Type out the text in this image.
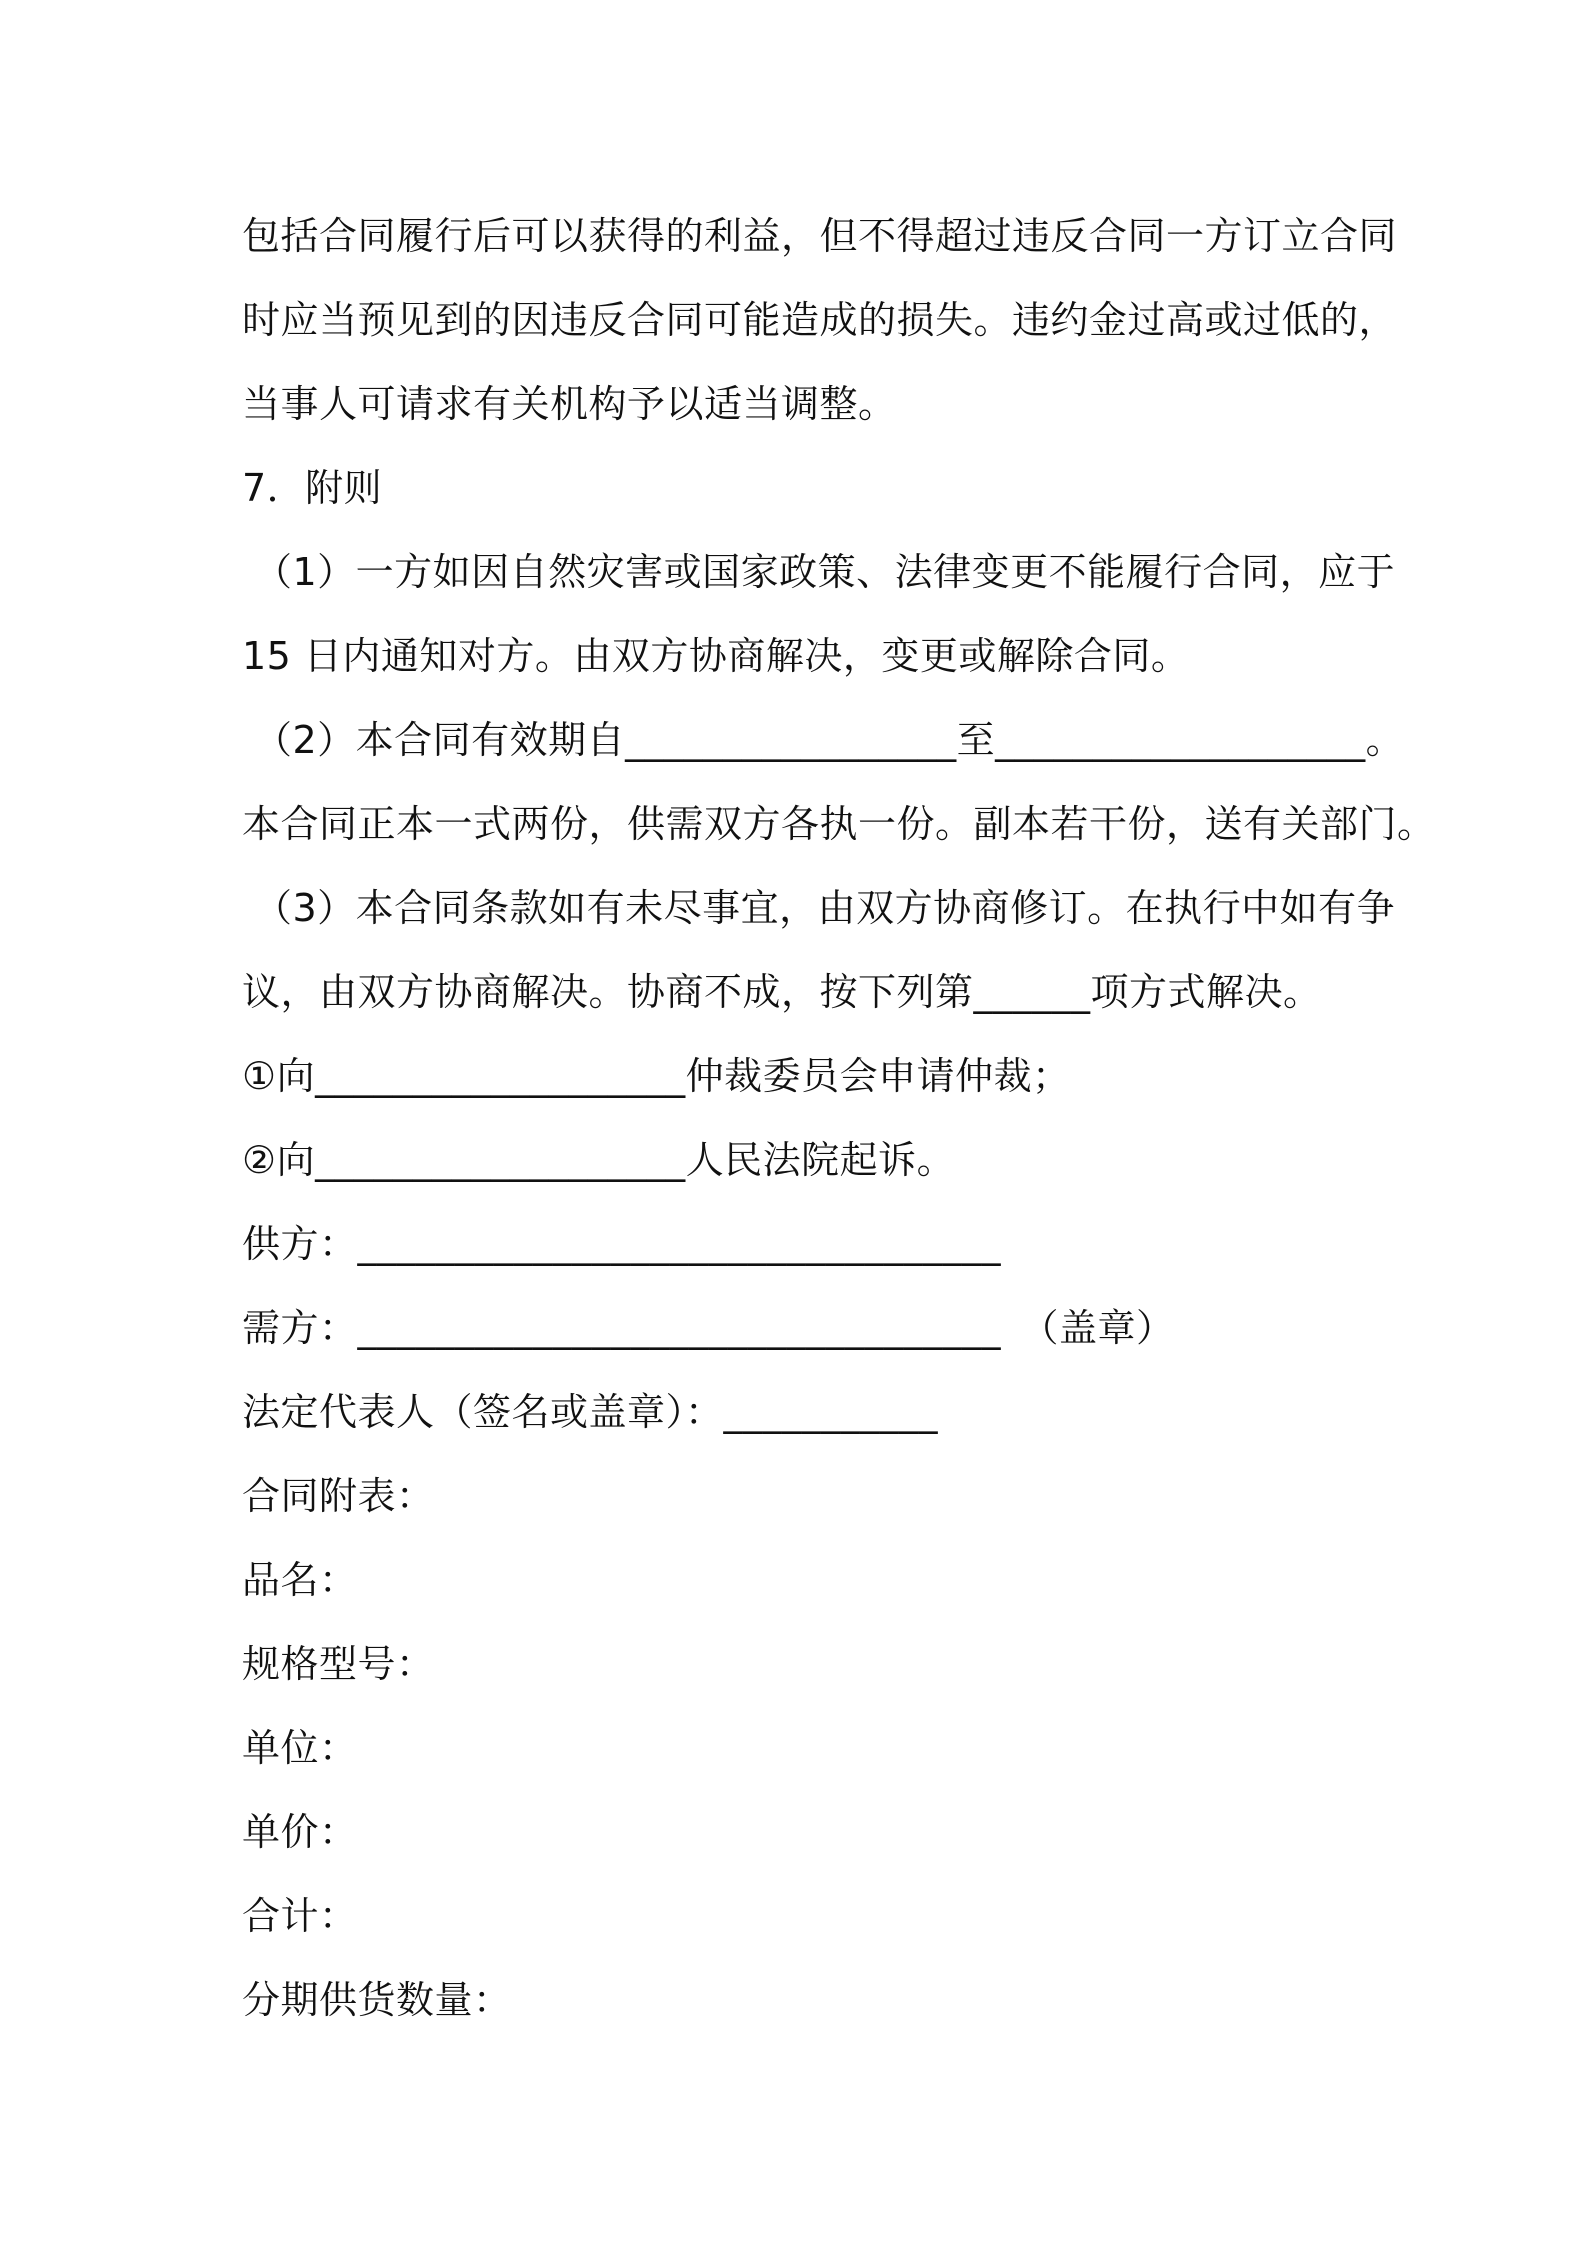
包括合同履行后可以获得的利益，但不得超过违反合同一方订立合同
时应当预见到的因违反合同可能造成的损失。违约金过高或过低的，
当事人可请求有关机构予以适当调整。
7．附则
（1）一方如因自然灾害或国家政策、法律变更不能履行合同，应于
15 日内通知对方。由双方协商解决，变更或解除合同。
（2）本合同有效期自_________________至___________________。
本合同正本一式两份，供需双方各执一份。副本若干份，送有关部门。
（3）本合同条款如有未尽事宜，由双方协商修订。在执行中如有争
议，由双方协商解决。协商不成，按下列第______项方式解决。
①向___________________仲裁委员会申请仲裁；
②向___________________人民法院起诉。
供方：_________________________________
需方：_________________________________　（盖章）
法定代表人（签名或盖章）：___________
合同附表：
品名：
规格型号：
单位：
单价：
合计：
分期供货数量：
